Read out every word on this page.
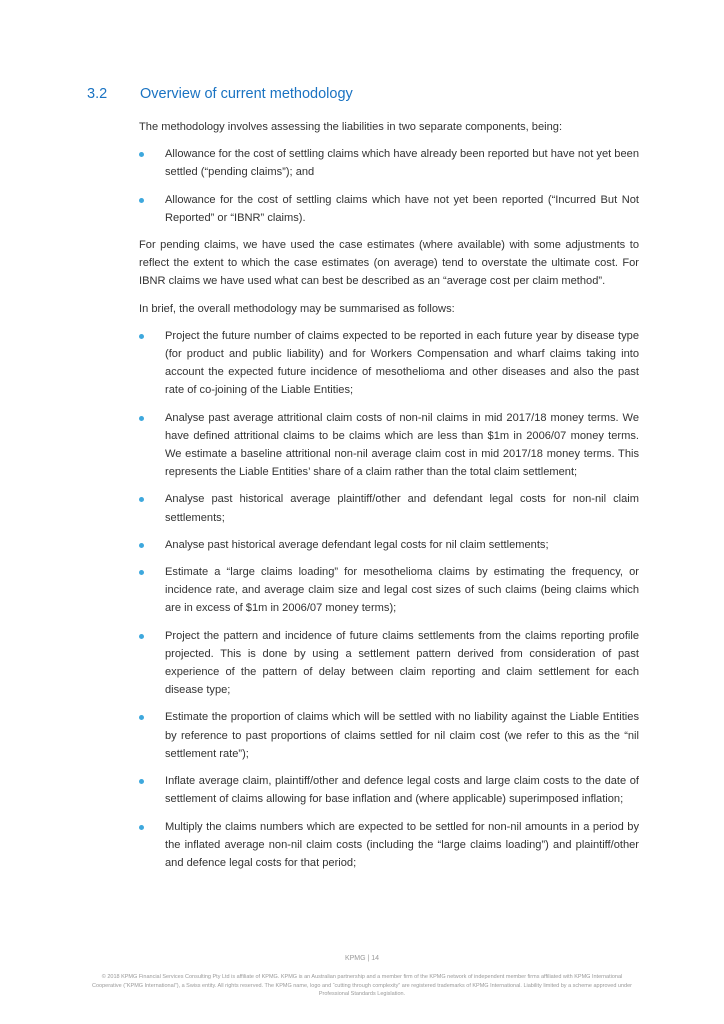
3.2 Overview of current methodology

The methodology involves assessing the liabilities in two separate components, being:

Allowance for the cost of settling claims which have already been reported but have not yet been settled (“pending claims”); and
Allowance for the cost of settling claims which have not yet been reported (“Incurred But Not Reported” or “IBNR” claims).

For pending claims, we have used the case estimates (where available) with some adjustments to reflect the extent to which the case estimates (on average) tend to overstate the ultimate cost. For IBNR claims we have used what can best be described as an “average cost per claim method”.

In brief, the overall methodology may be summarised as follows:

Project the future number of claims expected to be reported in each future year by disease type (for product and public liability) and for Workers Compensation and wharf claims taking into account the expected future incidence of mesothelioma and other diseases and also the past rate of co-joining of the Liable Entities;
Analyse past average attritional claim costs of non-nil claims in mid 2017/18 money terms. We have defined attritional claims to be claims which are less than $1m in 2006/07 money terms. We estimate a baseline attritional non-nil average claim cost in mid 2017/18 money terms. This represents the Liable Entities’ share of a claim rather than the total claim settlement;
Analyse past historical average plaintiff/other and defendant legal costs for non-nil claim settlements;
Analyse past historical average defendant legal costs for nil claim settlements;
Estimate a “large claims loading” for mesothelioma claims by estimating the frequency, or incidence rate, and average claim size and legal cost sizes of such claims (being claims which are in excess of $1m in 2006/07 money terms);
Project the pattern and incidence of future claims settlements from the claims reporting profile projected. This is done by using a settlement pattern derived from consideration of past experience of the pattern of delay between claim reporting and claim settlement for each disease type;
Estimate the proportion of claims which will be settled with no liability against the Liable Entities by reference to past proportions of claims settled for nil claim cost (we refer to this as the “nil settlement rate”);
Inflate average claim, plaintiff/other and defence legal costs and large claim costs to the date of settlement of claims allowing for base inflation and (where applicable) superimposed inflation;
Multiply the claims numbers which are expected to be settled for non-nil amounts in a period by the inflated average non-nil claim costs (including the “large claims loading”) and plaintiff/other and defence legal costs for that period;
KPMG | 14
© 2018 KPMG Financial Services Consulting Pty Ltd is affiliate of KPMG. KPMG is an Australian partnership and a member firm of the KPMG network of independent member firms affiliated with KPMG International Cooperative (“KPMG International”), a Swiss entity. All rights reserved. The KPMG name, logo and “cutting through complexity” are registered trademarks of KPMG International. Liability limited by a scheme approved under Professional Standards Legislation.
